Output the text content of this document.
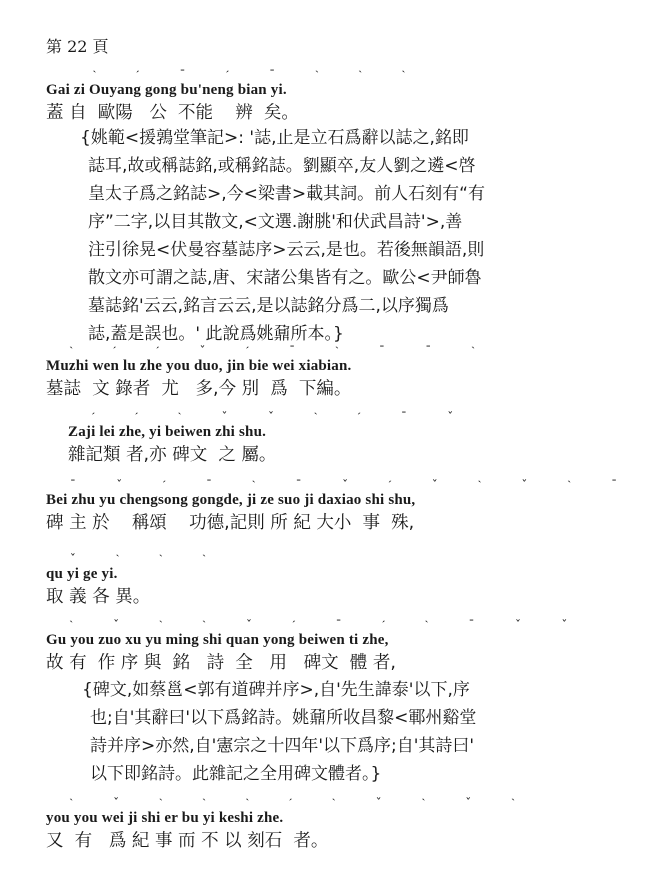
第 22 頁
ˋ ˊ ˉ ˊ ˉ ˋ ˋ ˋ
Gai zi Ouyang gong bu'neng bian yi.
蓋 自  歐陽   公  不能    辨  矣。

{姚範<援鶉堂筆記>: '誌,止是立石爲辭以誌之,銘即

誌耳,故或稱誌銘,或稱銘誌。劉顯卒,友人劉之遴<啓

皇太子爲之銘誌>,今<梁書>載其詞。前人石刻有“有

序”二字,以目其散文,<文選.謝朓'和伏武昌詩'>,善

注引徐晃<伏曼容墓誌序>云云,是也。若後無韻語,則

散文亦可謂之誌,唐、宋諸公集皆有之。歐公<尹師魯

墓誌銘'云云,銘言云云,是以誌銘分爲二,以序獨爲

誌,蓋是誤也。' 此說爲姚鼐所本。}

ˋ ˊ ˊ ˇ ˊ ˉ ˋ ˉ ˉ ˋ
Muzhi wen lu zhe you duo, jin bie wei xiabian.
墓誌  文 錄者  尤   多,今 別  爲  下編。
ˊ ˊ ˋ ˇ ˇ ˋ ˊ ˉ ˇ
Zaji lei zhe, yi beiwen zhi shu.
雜記類 者,亦 碑文  之 屬。
ˉ ˇ ˊ ˉ ˋ ˉ ˇ ˊ ˇ ˋ ˇ ˋ ˉ
Bei zhu yu chengsong gongde, ji ze suo ji daxiao shi shu,
碑 主 於    稱頌    功德,記則 所 紀 大小  事  殊,
ˇ ˋ ˋ ˋ
qu yi ge yi.
取 義 各 異。
ˋ ˇ ˋ ˋ ˇ ˊ ˉ ˊ ˋ ˉ ˇ ˇ
Gu you zuo xu yu ming shi quan yong beiwen ti zhe,
故 有  作 序 與  銘   詩  全   用   碑文  體 者,

{碑文,如蔡邕<郭有道碑并序>,自'先生諱泰'以下,序

也;自'其辭曰'以下爲銘詩。姚鼐所收昌黎<鄆州谿堂

詩并序>亦然,自'憲宗之十四年'以下爲序;自'其詩曰'

以下即銘詩。此雜記之全用碑文體者。}

ˋ ˇ ˋ ˋ ˋ ˊ ˋ ˇ ˋ ˇ ˋ
you you wei ji shi er bu yi keshi zhe.
又  有   爲 紀 事 而 不 以 刻石  者。
